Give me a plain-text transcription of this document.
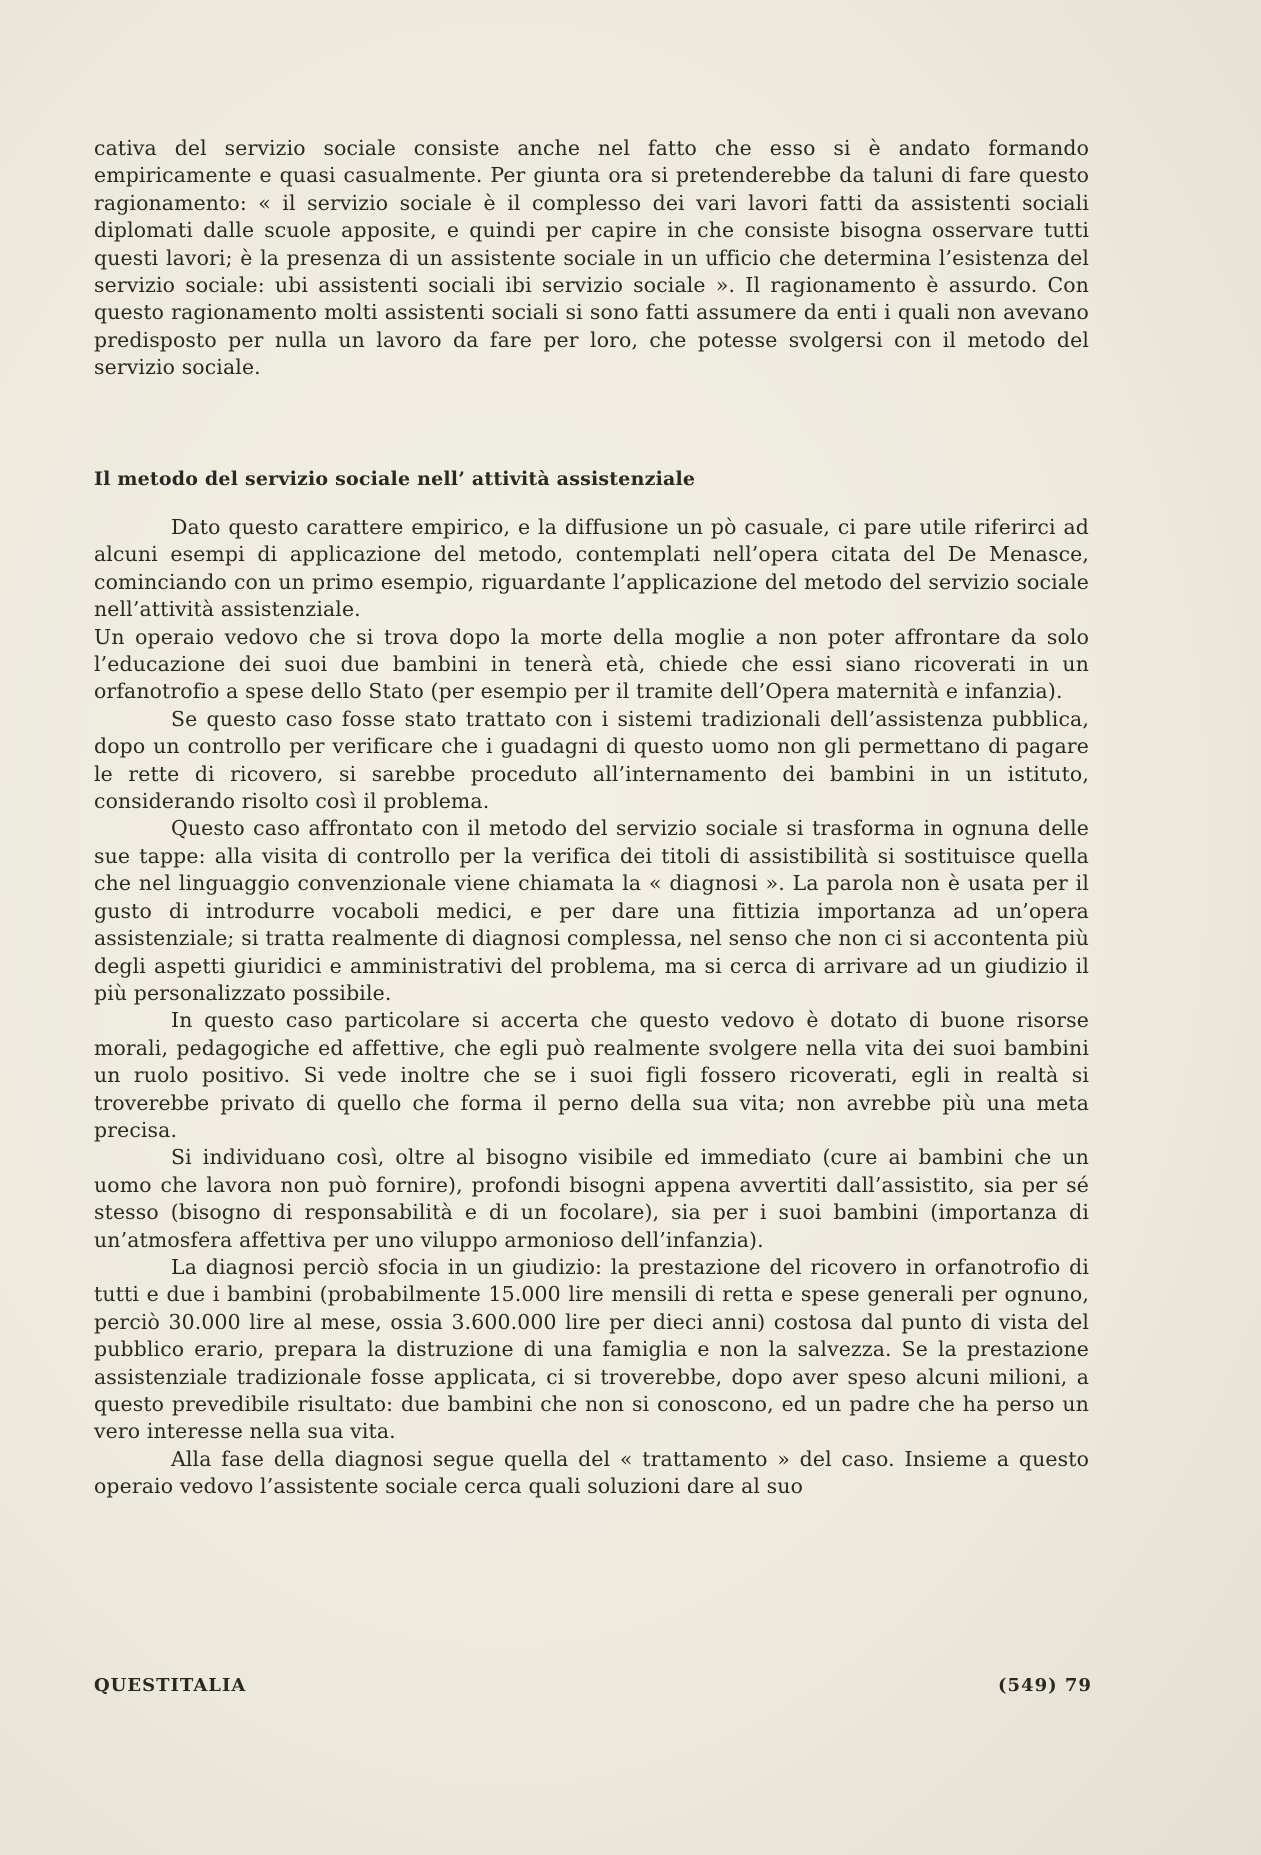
cativa del servizio sociale consiste anche nel fatto che esso si è andato formando empiricamente e quasi casualmente. Per giunta ora si pretenderebbe da taluni di fare questo ragionamento: « il servizio sociale è il complesso dei vari lavori fatti da assistenti sociali diplomati dalle scuole apposite, e quindi per capire in che consiste bisogna osservare tutti questi lavori; è la presenza di un assistente sociale in un ufficio che determina l’esistenza del servizio sociale: ubi assistenti sociali ibi servizio sociale ». Il ragionamento è assurdo. Con questo ragionamento molti assistenti sociali si sono fatti assumere da enti i quali non avevano predisposto per nulla un lavoro da fare per loro, che potesse svolgersi con il metodo del servizio sociale.

Il metodo del servizio sociale nell’ attività assistenziale

Dato questo carattere empirico, e la diffusione un pò casuale, ci pare utile riferirci ad alcuni esempi di applicazione del metodo, contemplati nell’opera citata del De Menasce, cominciando con un primo esempio, riguardante l’applicazione del metodo del servizio sociale nell’attività assistenziale.

Un operaio vedovo che si trova dopo la morte della moglie a non poter affrontare da solo l’educazione dei suoi due bambini in tenerà età, chiede che essi siano ricoverati in un orfanotrofio a spese dello Stato (per esempio per il tramite dell’Opera maternità e infanzia).

Se questo caso fosse stato trattato con i sistemi tradizionali dell’assistenza pubblica, dopo un controllo per verificare che i guadagni di questo uomo non gli permettano di pagare le rette di ricovero, si sarebbe proceduto all’internamento dei bambini in un istituto, considerando risolto così il problema.

Questo caso affrontato con il metodo del servizio sociale si trasforma in ognuna delle sue tappe: alla visita di controllo per la verifica dei titoli di assistibilità si sostituisce quella che nel linguaggio convenzionale viene chiamata la « diagnosi ». La parola non è usata per il gusto di introdurre vocaboli medici, e per dare una fittizia importanza ad un’opera assistenziale; si tratta realmente di diagnosi complessa, nel senso che non ci si accontenta più degli aspetti giuridici e amministrativi del problema, ma si cerca di arrivare ad un giudizio il più personalizzato possibile.

In questo caso particolare si accerta che questo vedovo è dotato di buone risorse morali, pedagogiche ed affettive, che egli può realmente svolgere nella vita dei suoi bambini un ruolo positivo. Si vede inoltre che se i suoi figli fossero ricoverati, egli in realtà si troverebbe privato di quello che forma il perno della sua vita; non avrebbe più una meta precisa.

Si individuano così, oltre al bisogno visibile ed immediato (cure ai bambini che un uomo che lavora non può fornire), profondi bisogni appena avvertiti dall’assistito, sia per sé stesso (bisogno di responsabilità e di un focolare), sia per i suoi bambini (importanza di un’atmosfera affettiva per uno viluppo armonioso dell’infanzia).

La diagnosi perciò sfocia in un giudizio: la prestazione del ricovero in orfanotrofio di tutti e due i bambini (probabilmente 15.000 lire mensili di retta e spese generali per ognuno, perciò 30.000 lire al mese, ossia 3.600.000 lire per dieci anni) costosa dal punto di vista del pubblico erario, prepara la distruzione di una famiglia e non la salvezza. Se la prestazione assistenziale tradizionale fosse applicata, ci si troverebbe, dopo aver speso alcuni milioni, a questo prevedibile risultato: due bambini che non si conoscono, ed un padre che ha perso un vero interesse nella sua vita.

Alla fase della diagnosi segue quella del « trattamento » del caso. Insieme a questo operaio vedovo l’assistente sociale cerca quali soluzioni dare al suo

QUESTITALIA	(549) 79
